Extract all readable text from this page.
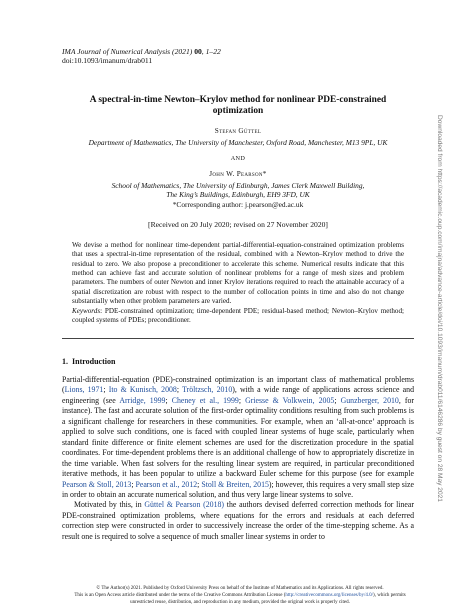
IMA Journal of Numerical Analysis (2021) 00, 1–22
doi:10.1093/imanum/drab011
A spectral-in-time Newton–Krylov method for nonlinear PDE-constrained
optimization
Stefan Güttel
Department of Mathematics, The University of Manchester, Oxford Road, Manchester, M13 9PL, UK
AND
John W. Pearson*
School of Mathematics, The University of Edinburgh, James Clerk Maxwell Building,
The King’s Buildings, Edinburgh, EH9 3FD, UK
*Corresponding author: j.pearson@ed.ac.uk
[Received on 20 July 2020; revised on 27 November 2020]
We devise a method for nonlinear time-dependent partial-differential-equation-constrained optimization problems that uses a spectral-in-time representation of the residual, combined with a Newton–Krylov method to drive the residual to zero. We also propose a preconditioner to accelerate this scheme. Numerical results indicate that this method can achieve fast and accurate solution of nonlinear problems for a range of mesh sizes and problem parameters. The numbers of outer Newton and inner Krylov iterations required to reach the attainable accuracy of a spatial discretization are robust with respect to the number of collocation points in time and also do not change substantially when other problem parameters are varied.
Keywords: PDE-constrained optimization; time-dependent PDE; residual-based method; Newton–Krylov method; coupled systems of PDEs; preconditioner.
1. Introduction

Partial-differential-equation (PDE)-constrained optimization is an important class of mathematical problems (Lions, 1971; Ito & Kunisch, 2008; Tröltzsch, 2010), with a wide range of applications across science and engineering (see Arridge, 1999; Cheney et al., 1999; Griesse & Volkwein, 2005; Gunzberger, 2010, for instance). The fast and accurate solution of the first-order optimality conditions resulting from such problems is a significant challenge for researchers in these communities. For example, when an ‘all-at-once’ approach is applied to solve such conditions, one is faced with coupled linear systems of huge scale, particularly when standard finite difference or finite element schemes are used for the discretization procedure in the spatial coordinates. For time-dependent problems there is an additional challenge of how to appropriately discretize in the time variable. When fast solvers for the resulting linear system are required, in particular preconditioned iterative methods, it has been popular to utilize a backward Euler scheme for this purpose (see for example Pearson & Stoll, 2013; Pearson et al., 2012; Stoll & Breiten, 2015); however, this requires a very small step size in order to obtain an accurate numerical solution, and thus very large linear systems to solve.

Motivated by this, in Güttel & Pearson (2018) the authors devised deferred correction methods for linear PDE-constrained optimization problems, where equations for the errors and residuals at each deferred correction step were constructed in order to successively increase the order of the time-stepping scheme. As a result one is required to solve a sequence of much smaller linear systems in order to

© The Author(s) 2021. Published by Oxford University Press on behalf of the Institute of Mathematics and its Applications. All rights reserved.
This is an Open Access article distributed under the terms of the Creative Commons Attribution License (http://creativecommons.org/licenses/by/4.0/), which permits unrestricted reuse, distribution, and reproduction in any medium, provided the original work is properly cited.
Downloaded from https://academic.oup.com/imajna/advance-article/doi/10.1093/imanum/drab011/6146286 by guest on 28 May 2021
